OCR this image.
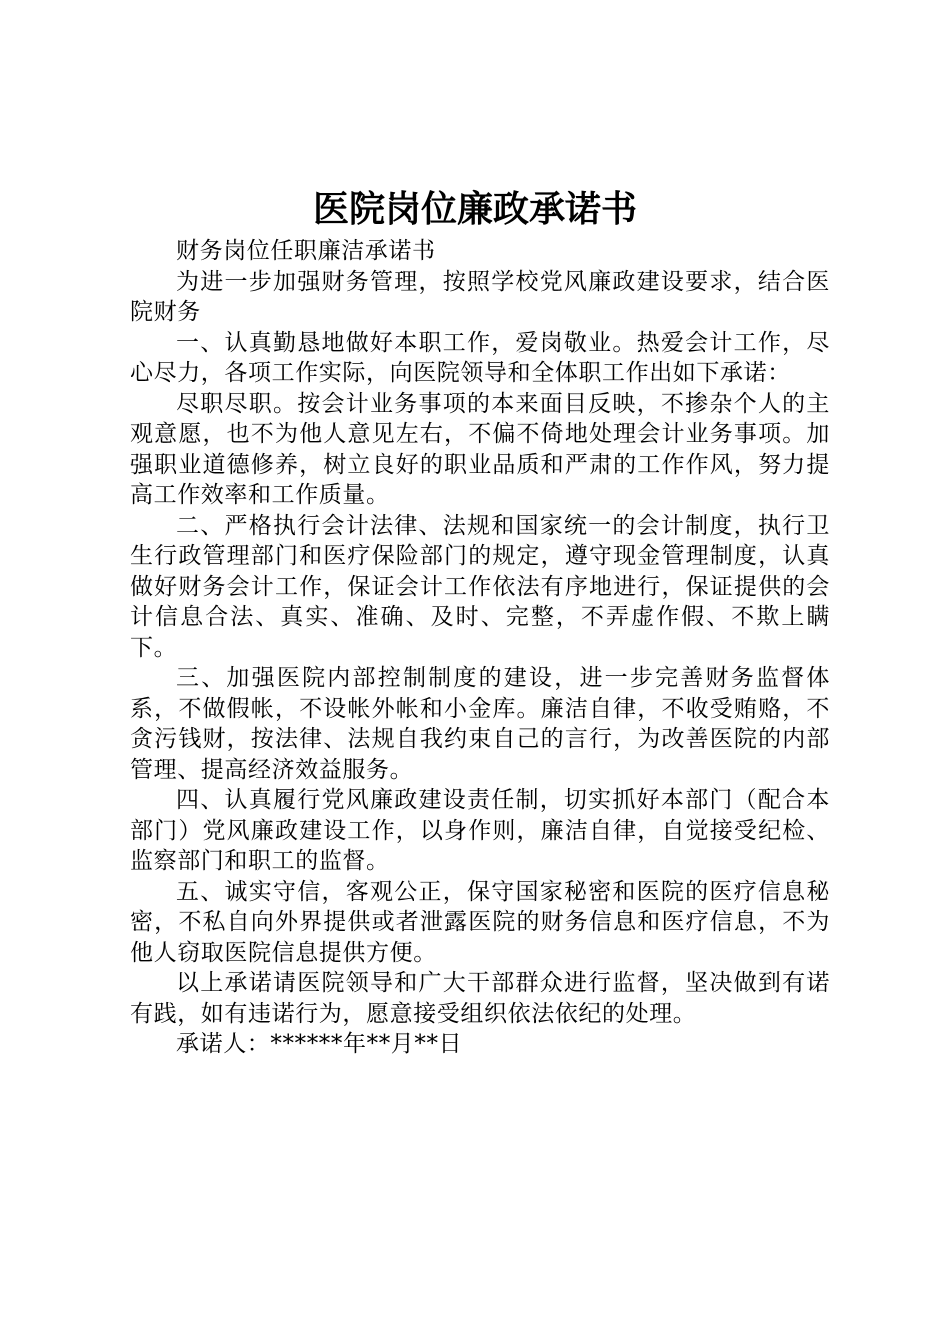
医院岗位廉政承诺书

财务岗位任职廉洁承诺书

为进一步加强财务管理，按照学校党风廉政建设要求，结合医院财务

一、认真勤恳地做好本职工作，爱岗敬业。热爱会计工作，尽心尽力，各项工作实际，向医院领导和全体职工作出如下承诺：

尽职尽职。按会计业务事项的本来面目反映，不掺杂个人的主观意愿，也不为他人意见左右，不偏不倚地处理会计业务事项。加强职业道德修养，树立良好的职业品质和严肃的工作作风，努力提高工作效率和工作质量。

二、严格执行会计法律、法规和国家统一的会计制度，执行卫生行政管理部门和医疗保险部门的规定，遵守现金管理制度，认真做好财务会计工作，保证会计工作依法有序地进行，保证提供的会计信息合法、真实、准确、及时、完整，不弄虚作假、不欺上瞒下。

三、加强医院内部控制制度的建设，进一步完善财务监督体系，不做假帐，不设帐外帐和小金库。廉洁自律，不收受贿赂，不贪污钱财，按法律、法规自我约束自己的言行，为改善医院的内部管理、提高经济效益服务。

四、认真履行党风廉政建设责任制，切实抓好本部门（配合本部门）党风廉政建设工作，以身作则，廉洁自律，自觉接受纪检、监察部门和职工的监督。

五、诚实守信，客观公正，保守国家秘密和医院的医疗信息秘密，不私自向外界提供或者泄露医院的财务信息和医疗信息，不为他人窃取医院信息提供方便。

以上承诺请医院领导和广大干部群众进行监督，坚决做到有诺有践，如有违诺行为，愿意接受组织依法依纪的处理。

承诺人：******年**月**日
